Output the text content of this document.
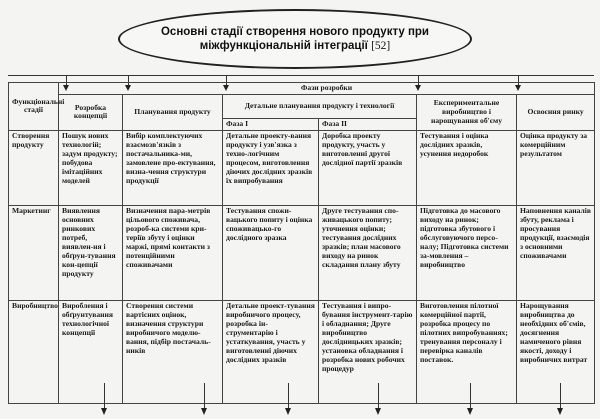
Основні стадії створення нового продукту при
міжфункціональній інтеграції [52]
Функціональні стадії	Фази розробки					
	Розробка концепції	Планування продукту	Детальне планування продукту і технології		Експериментальне виробництво і нарощування об'єму	Освоєння ринку
			Фаза I	Фаза II		
Створення продукту	Пошук нових технологій; задум продукту; побудова імітаційних моделей	Вибір комплектуючих взаємозв'язків з постачальника-ми, замовлене про-ектування, визна-чення структури продукції	Детальне проекту-вання продукту і узв'язка з техно-логічним процесом, виготовлення діючих дослідних зразків їх випробування	Доробка проекту продукту, участь у виготовленні другої дослідної партії зразків	Тестування і оцінка дослідних зразків, усунення недоробок	Оцінка продукту за комерційним результатом
Маркетинг	Виявлення основних ринкових потреб, виявлен-ня і обґрун-тування кон-цепції продукту	Визначення пара-метрів цільового споживача, розроб-ка системи кри-теріїв збуту і оцінки маржі, прямі контакти з потенційними споживачами	Тестування спожи-вацького попиту і оцінка споживацько-го дослідного зразка	Друге тестування спо-живацького попиту; уточнення оцінки; тестування дослідних зразків; план масового виходу на ринок складання плану збуту	Підготовка до масового виходу на ринок; підготовка збутового і обслуговуючого персо-налу; Підготовка системи за-мовлення – виробництво	Наповнення каналів збуту, реклама і просування продукції, взаємодія з основними споживачами
Виробництво	Вироблення і обґрунтування технологічної концепції	Створення системи вартісних оцінок, визначення структури виробничого моделю-вання, підбір постачаль-ників	Детальне проект-тування виробничого процесу, розробка ін-струментарію і устаткування, участь у виготовленні діючих дослідних зразків	Тестування і випро-бування інструмент-тарію і обладнання; Друге виробництво дослідницьких зразків; установка обладнання і розробка нових робочих процедур	Виготовлення пілотної комерційної партії, розробка процесу по пілотних випробуваннях; тренування персоналу і перевірка каналів поставок.	Нарощування виробництва до необхідних об'ємів, досягнення намиченого рівня якості, доходу і виробничих витрат
